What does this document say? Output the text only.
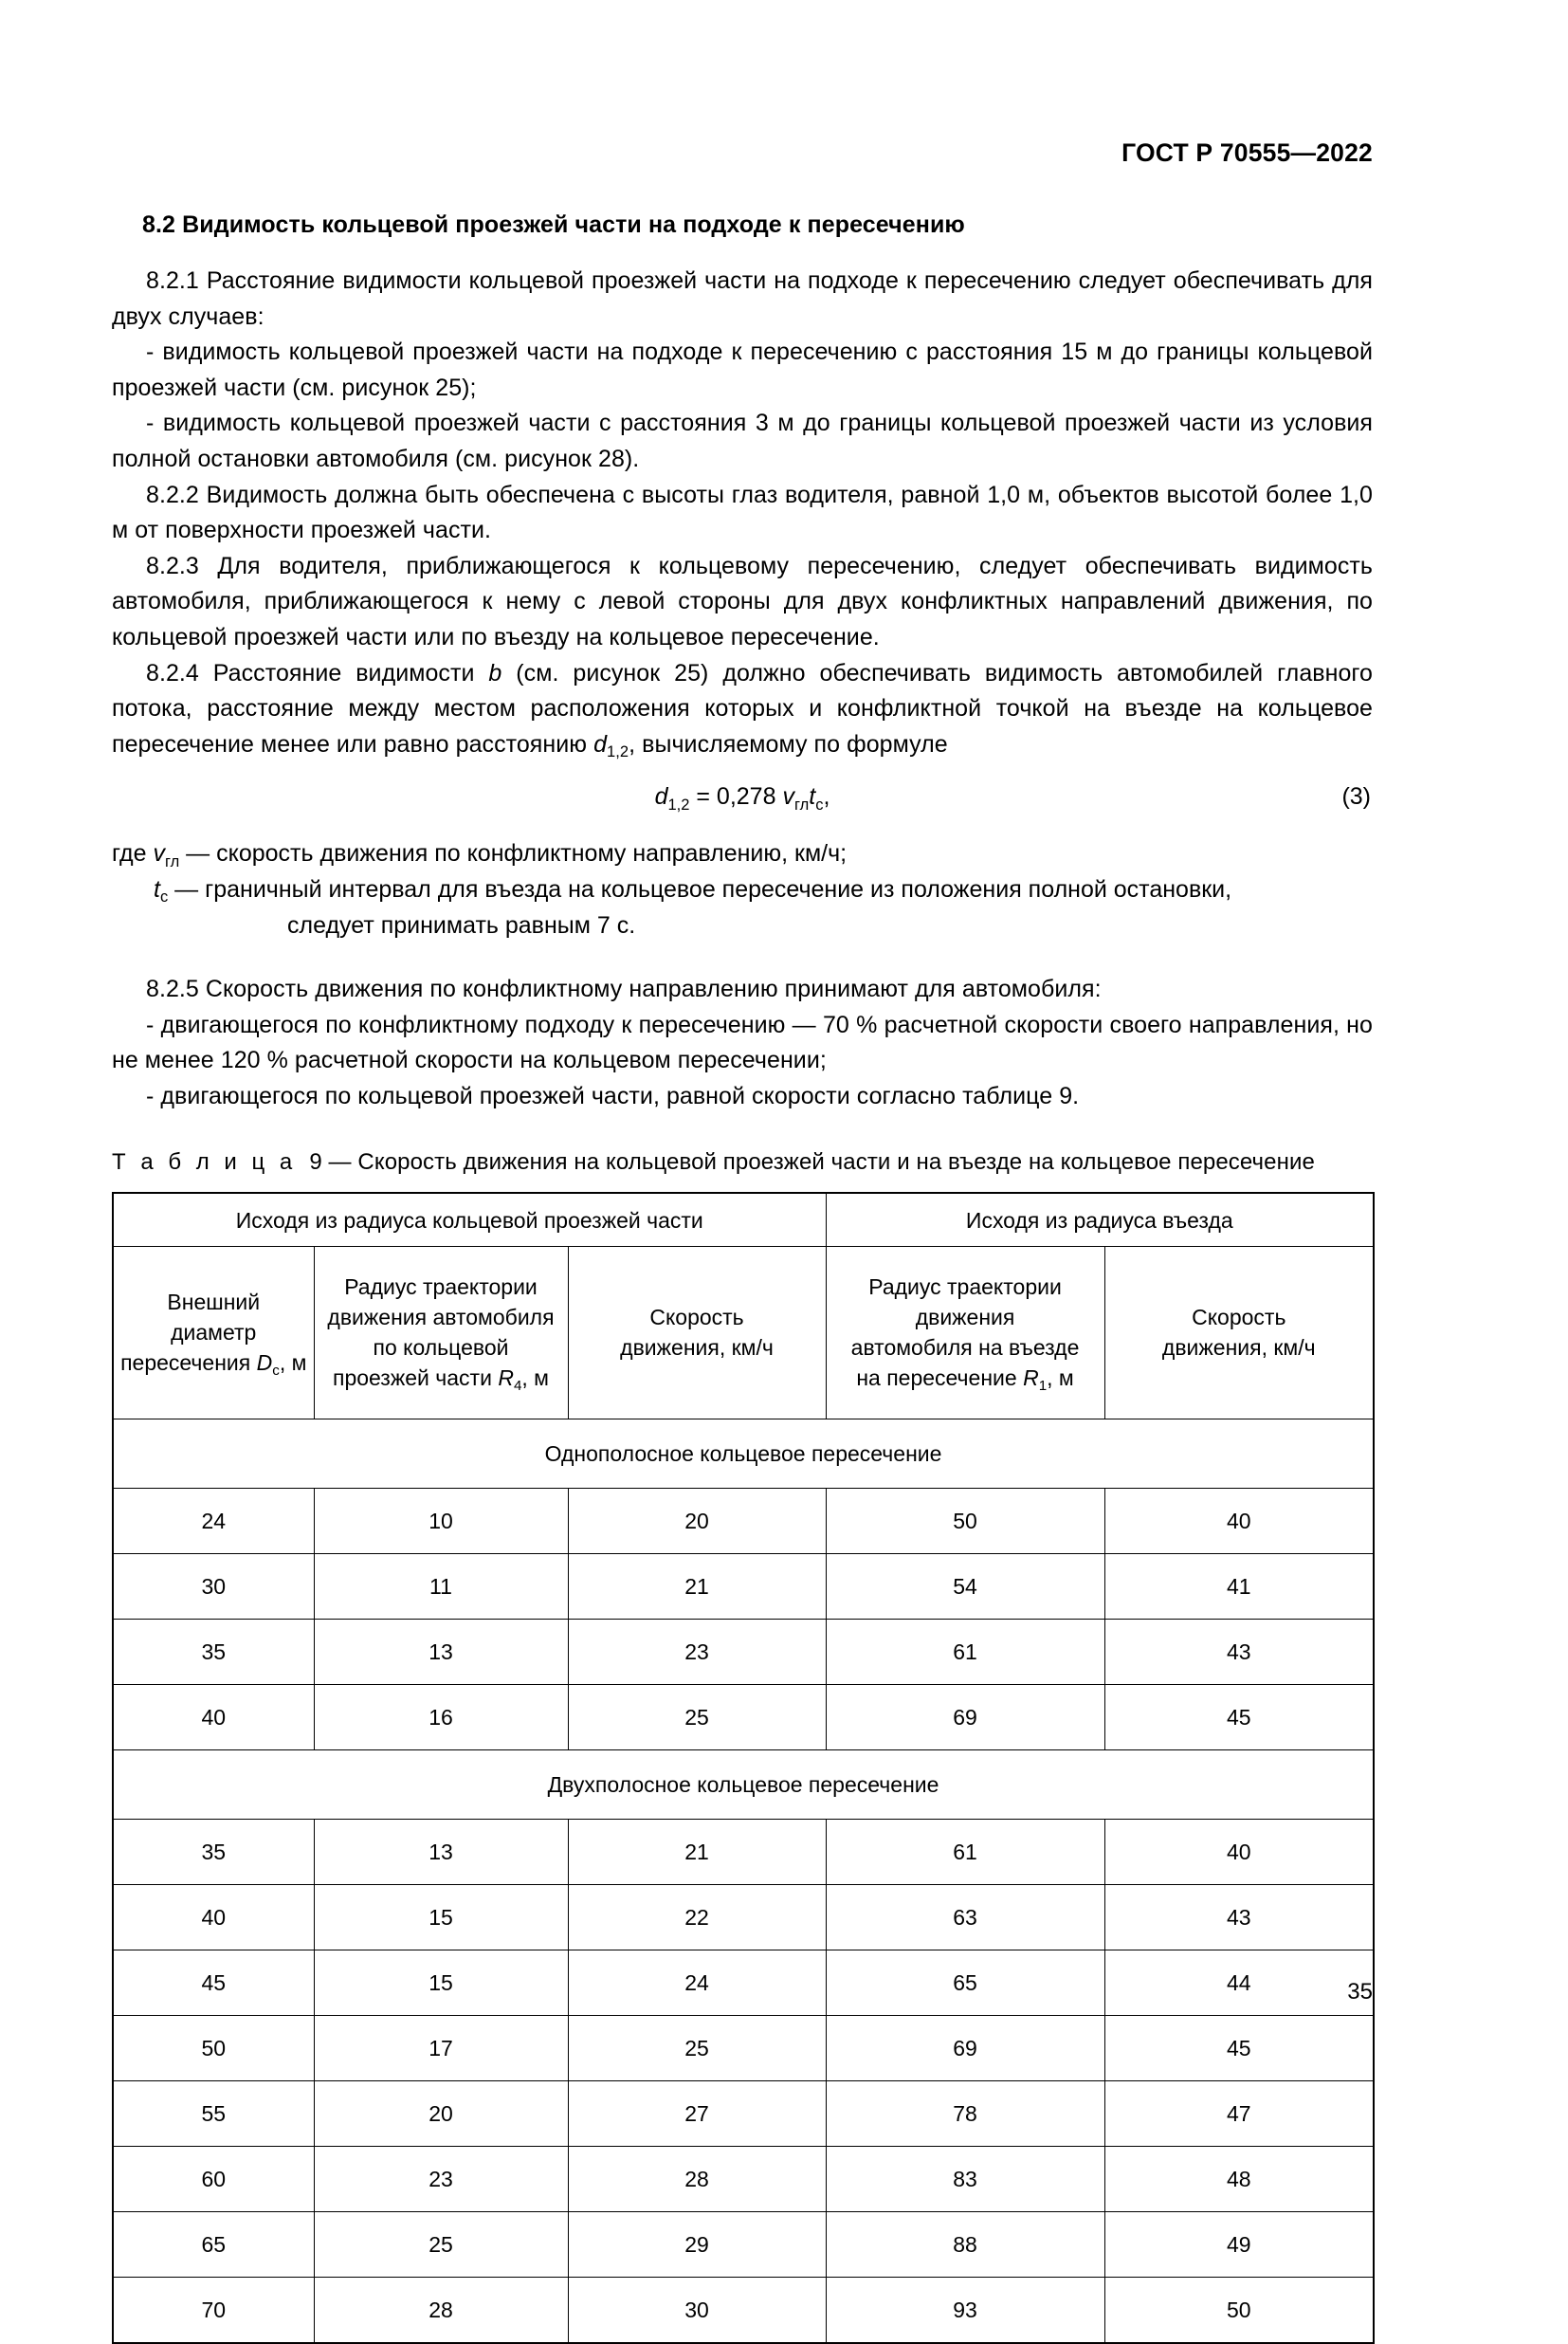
ГОСТ Р 70555—2022
8.2 Видимость кольцевой проезжей части на подходе к пересечению

8.2.1 Расстояние видимости кольцевой проезжей части на подходе к пересечению следует обеспечивать для двух случаев:

- видимость кольцевой проезжей части на подходе к пересечению с расстояния 15 м до границы кольцевой проезжей части (см. рисунок 25);

- видимость кольцевой проезжей части с расстояния 3 м до границы кольцевой проезжей части из условия полной остановки автомобиля (см. рисунок 28).

8.2.2 Видимость должна быть обеспечена с высоты глаз водителя, равной 1,0 м, объектов высотой более 1,0 м от поверхности проезжей части.

8.2.3 Для водителя, приближающегося к кольцевому пересечению, следует обеспечивать видимость автомобиля, приближающегося к нему с левой стороны для двух конфликтных направлений движения, по кольцевой проезжей части или по въезду на кольцевое пересечение.

8.2.4 Расстояние видимости b (см. рисунок 25) должно обеспечивать видимость автомобилей главного потока, расстояние между местом расположения которых и конфликтной точкой на въезде на кольцевое пересечение менее или равно расстоянию $d_{1,2}$, вычисляемому по формуле

$d_{1,2} = 0,278$ $v_{гл}t_с$,	(3)

где $v_{гл}$ — скорость движения по конфликтному направлению, км/ч;

$t_с$ — граничный интервал для въезда на кольцевое пересечение из положения полной остановки,

следует принимать равным 7 с.

8.2.5 Скорость движения по конфликтному направлению принимают для автомобиля:

- двигающегося по конфликтному подходу к пересечению — 70 % расчетной скорости своего направления, но не менее 120 % расчетной скорости на кольцевом пересечении;

- двигающегося по кольцевой проезжей части, равной скорости согласно таблице 9.

Т а б л и ц а 9 — Скорость движения на кольцевой проезжей части и на въезде на кольцевое пересечение

Исходя из радиуса кольцевой проезжей части			Исходя из радиуса въезда	
Внешний
диаметр
пересечения $D_c$, м	Радиус траектории
движения автомобиля
по кольцевой
проезжей части $R_4$, м	Скорость
движения, км/ч	Радиус траектории
движения
автомобиля на въезде
на пересечение $R_1$, м	Скорость
движения, км/ч
Однополосное кольцевое пересечение				
24	10	20	50	40
30	11	21	54	41
35	13	23	61	43
40	16	25	69	45
Двухполосное кольцевое пересечение				
35	13	21	61	40
40	15	22	63	43
45	15	24	65	44
50	17	25	69	45
55	20	27	78	47
60	23	28	83	48
65	25	29	88	49
70	28	30	93	50
35
